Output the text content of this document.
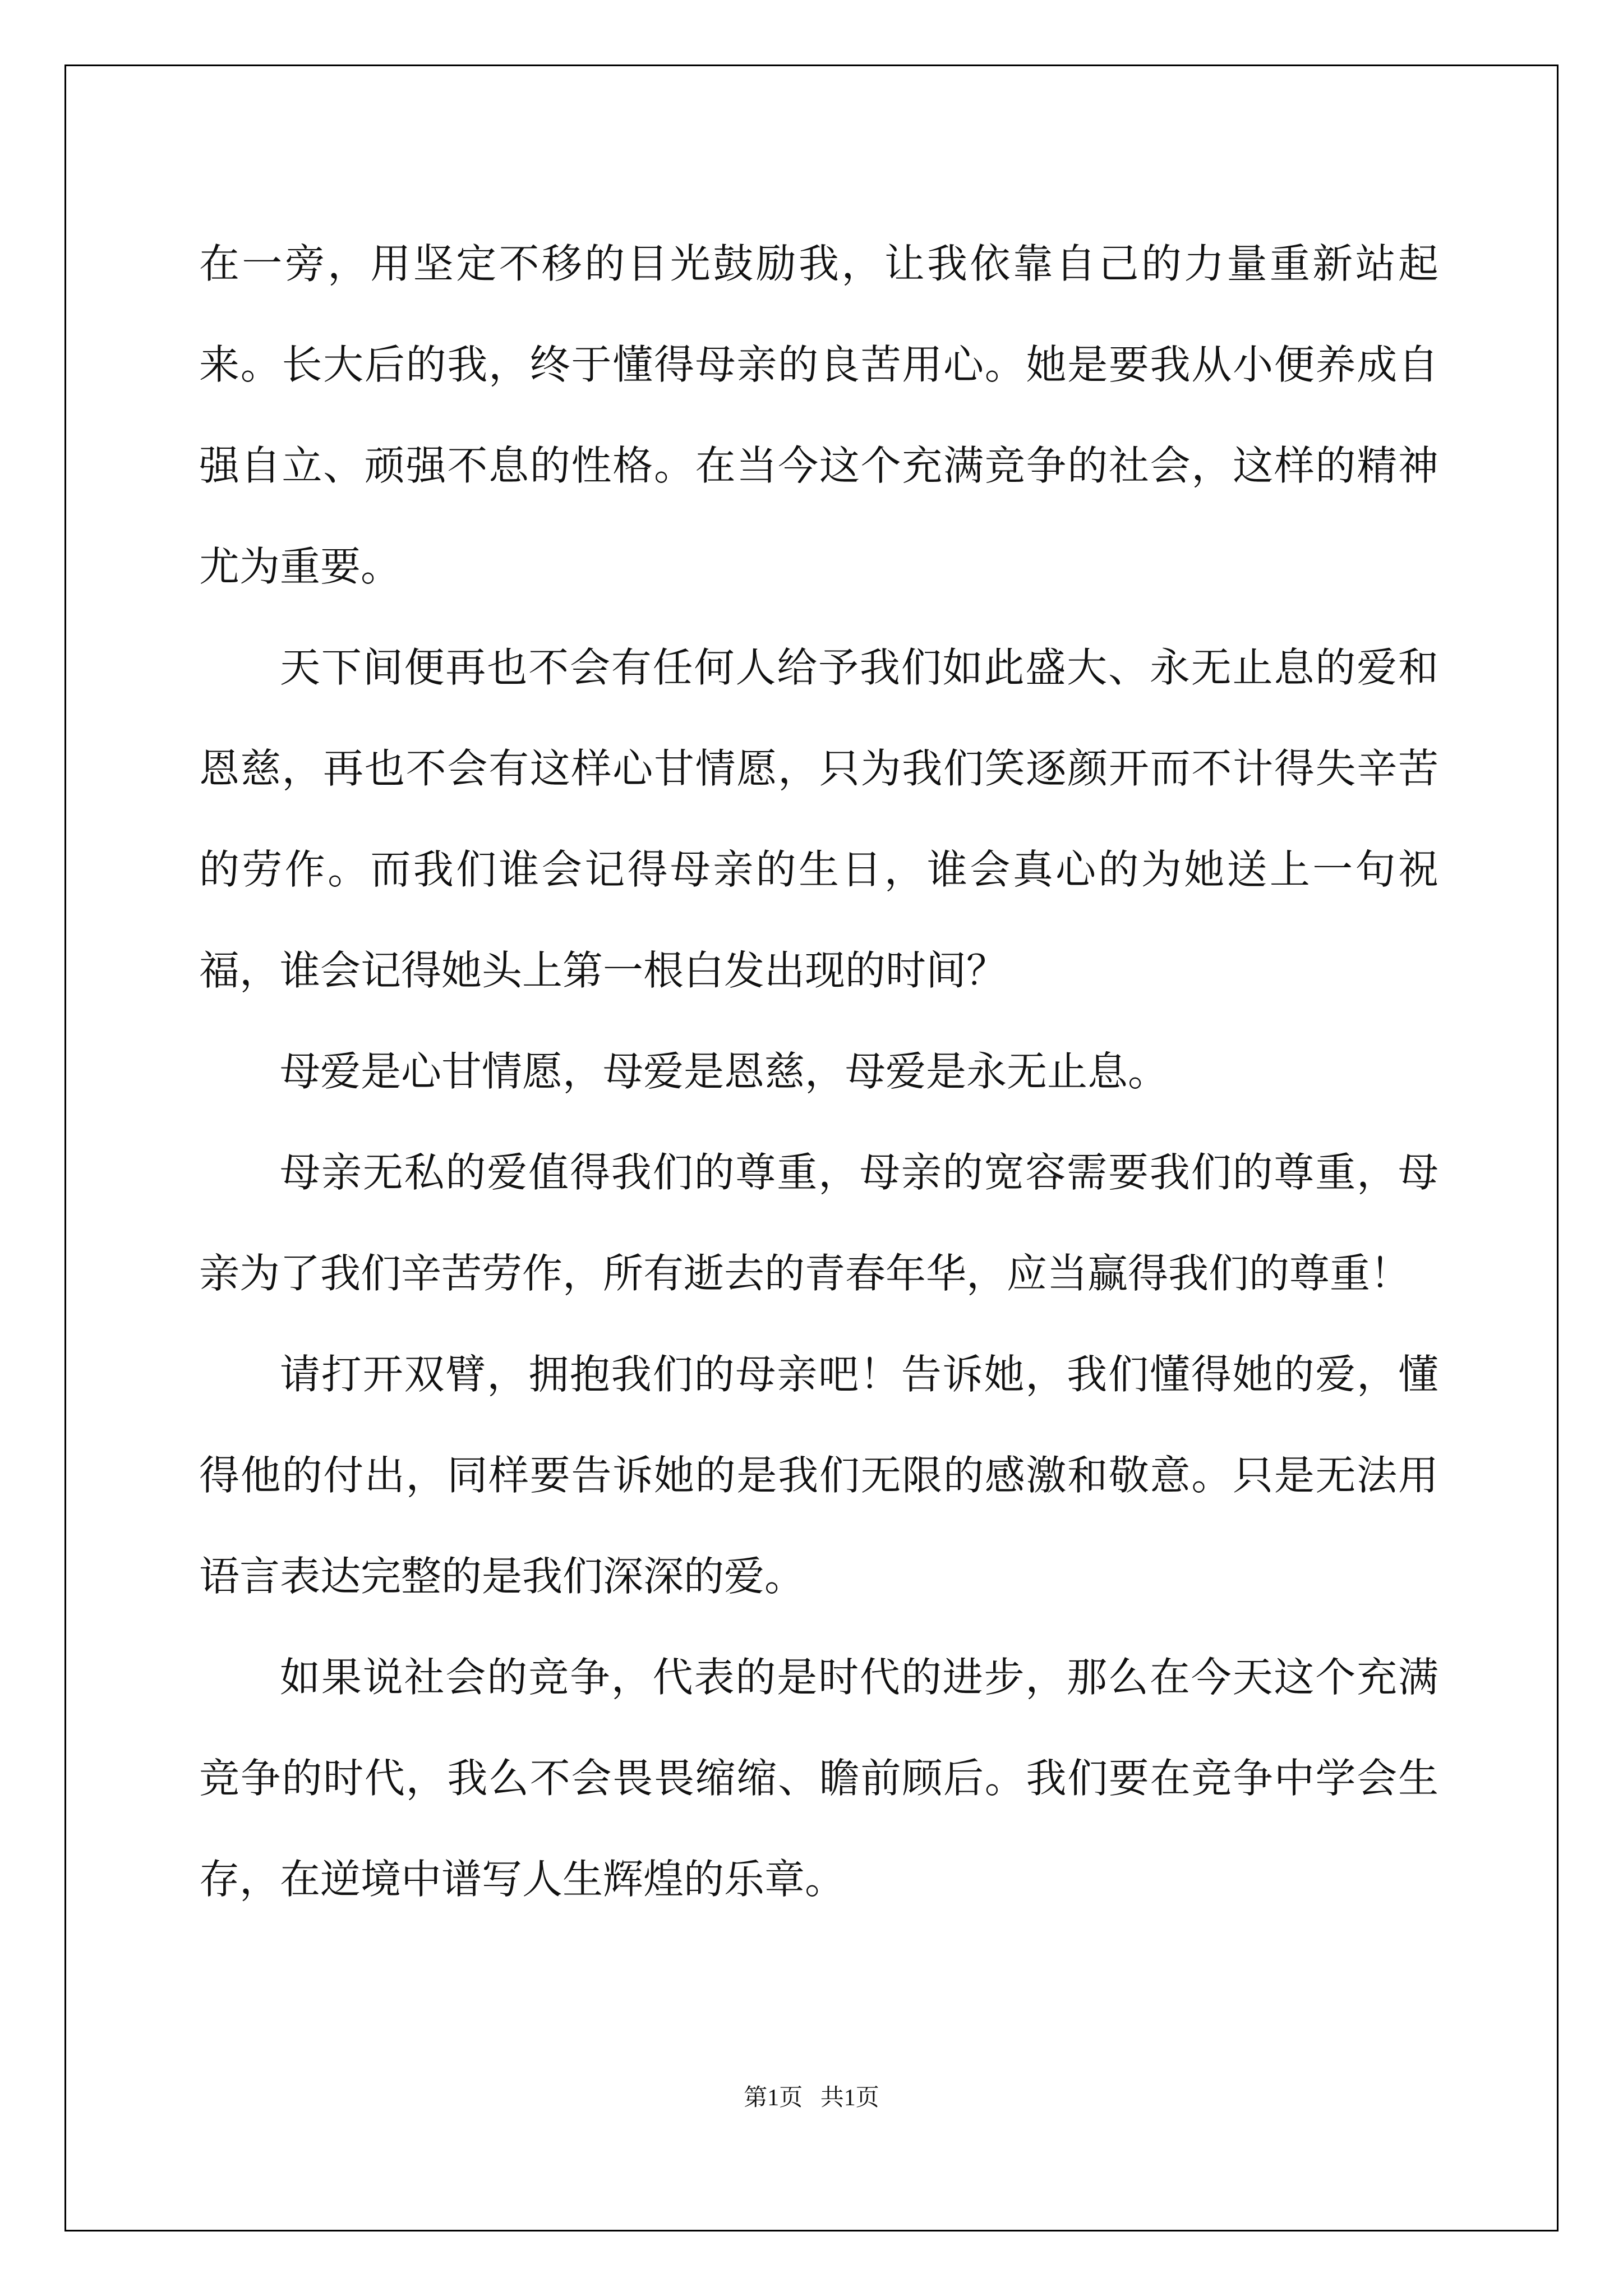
在一旁，用坚定不移的目光鼓励我，让我依靠自己的力量重新站起来。长大后的我，终于懂得母亲的良苦用心。她是要我从小便养成自强自立、顽强不息的性格。在当今这个充满竞争的社会，这样的精神尤为重要。

天下间便再也不会有任何人给予我们如此盛大、永无止息的爱和恩慈，再也不会有这样心甘情愿，只为我们笑逐颜开而不计得失辛苦的劳作。而我们谁会记得母亲的生日，谁会真心的为她送上一句祝福，谁会记得她头上第一根白发出现的时间？

母爱是心甘情愿，母爱是恩慈，母爱是永无止息。

母亲无私的爱值得我们的尊重，母亲的宽容需要我们的尊重，母亲为了我们辛苦劳作，所有逝去的青春年华，应当赢得我们的尊重！

请打开双臂，拥抱我们的母亲吧！告诉她，我们懂得她的爱，懂得他的付出，同样要告诉她的是我们无限的感激和敬意。只是无法用语言表达完整的是我们深深的爱。

如果说社会的竞争，代表的是时代的进步，那么在今天这个充满竞争的时代，我么不会畏畏缩缩、瞻前顾后。我们要在竞争中学会生存，在逆境中谱写人生辉煌的乐章。

第1页   共1页
